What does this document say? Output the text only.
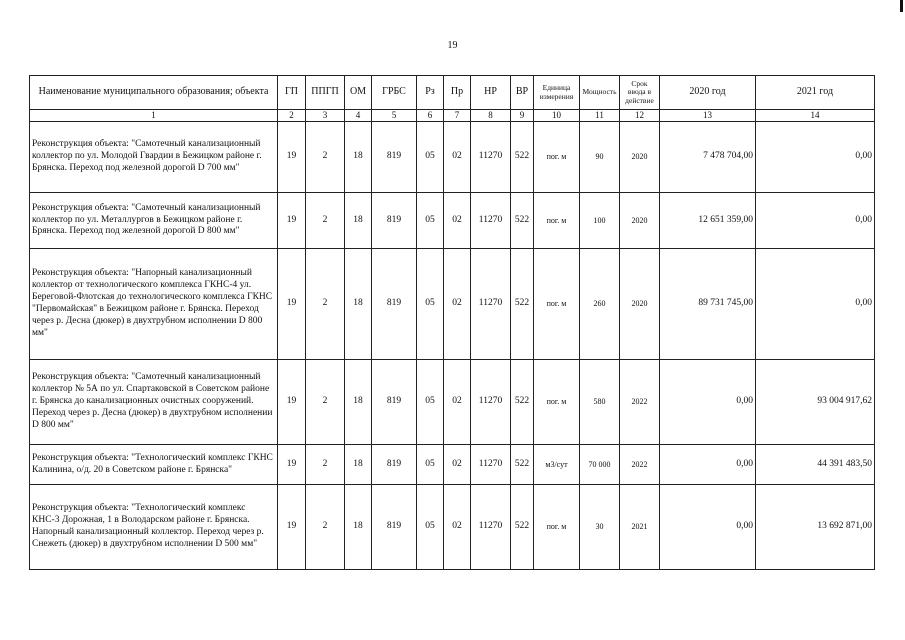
19
Наименование муниципального образования; объекта	ГП	ППГП	ОМ	ГРБС	Рз	Пр	НР	ВР	Единица измерения	Мощность	Срок ввода в действие	2020 год	2021 год
1	2	3	4	5	6	7	8	9	10	11	12	13	14
Реконструкция объекта: "Самотечный канализационный коллектор по ул. Молодой Гвардии в Бежицком районе г. Брянска. Переход под железной дорогой D 700 мм"	19	2	18	819	05	02	11270	522	пог. м	90	2020	7 478 704,00	0,00
Реконструкция объекта: "Самотечный канализационный коллектор по ул. Металлургов в Бежицком районе г. Брянска. Переход под железной дорогой D 800 мм"	19	2	18	819	05	02	11270	522	пог. м	100	2020	12 651 359,00	0,00
Реконструкция объекта: "Напорный канализационный коллектор от технологического комплекса ГКНС-4 ул. Береговой-Флотская до технологического комплекса ГКНС "Первомайская" в Бежицком районе г. Брянска. Переход через р. Десна (дюкер) в двухтрубном исполнении D 800 мм"	19	2	18	819	05	02	11270	522	пог. м	260	2020	89 731 745,00	0,00
Реконструкция объекта: "Самотечный канализационный коллектор № 5А по ул. Спартаковской в Советском районе г. Брянска до канализационных очистных сооружений. Переход через р. Десна (дюкер) в двухтрубном исполнении D 800 мм"	19	2	18	819	05	02	11270	522	пог. м	580	2022	0,00	93 004 917,62
Реконструкция объекта: "Технологический комплекс ГКНС Калинина, о/д. 20 в Советском районе г. Брянска"	19	2	18	819	05	02	11270	522	м3/сут	70 000	2022	0,00	44 391 483,50
Реконструкция объекта: "Технологический комплекс КНС-3 Дорожная, 1 в Володарском районе г. Брянска. Напорный канализационный коллектор. Переход через р. Снежеть (дюкер) в двухтрубном исполнении D 500 мм"	19	2	18	819	05	02	11270	522	пог. м	30	2021	0,00	13 692 871,00
